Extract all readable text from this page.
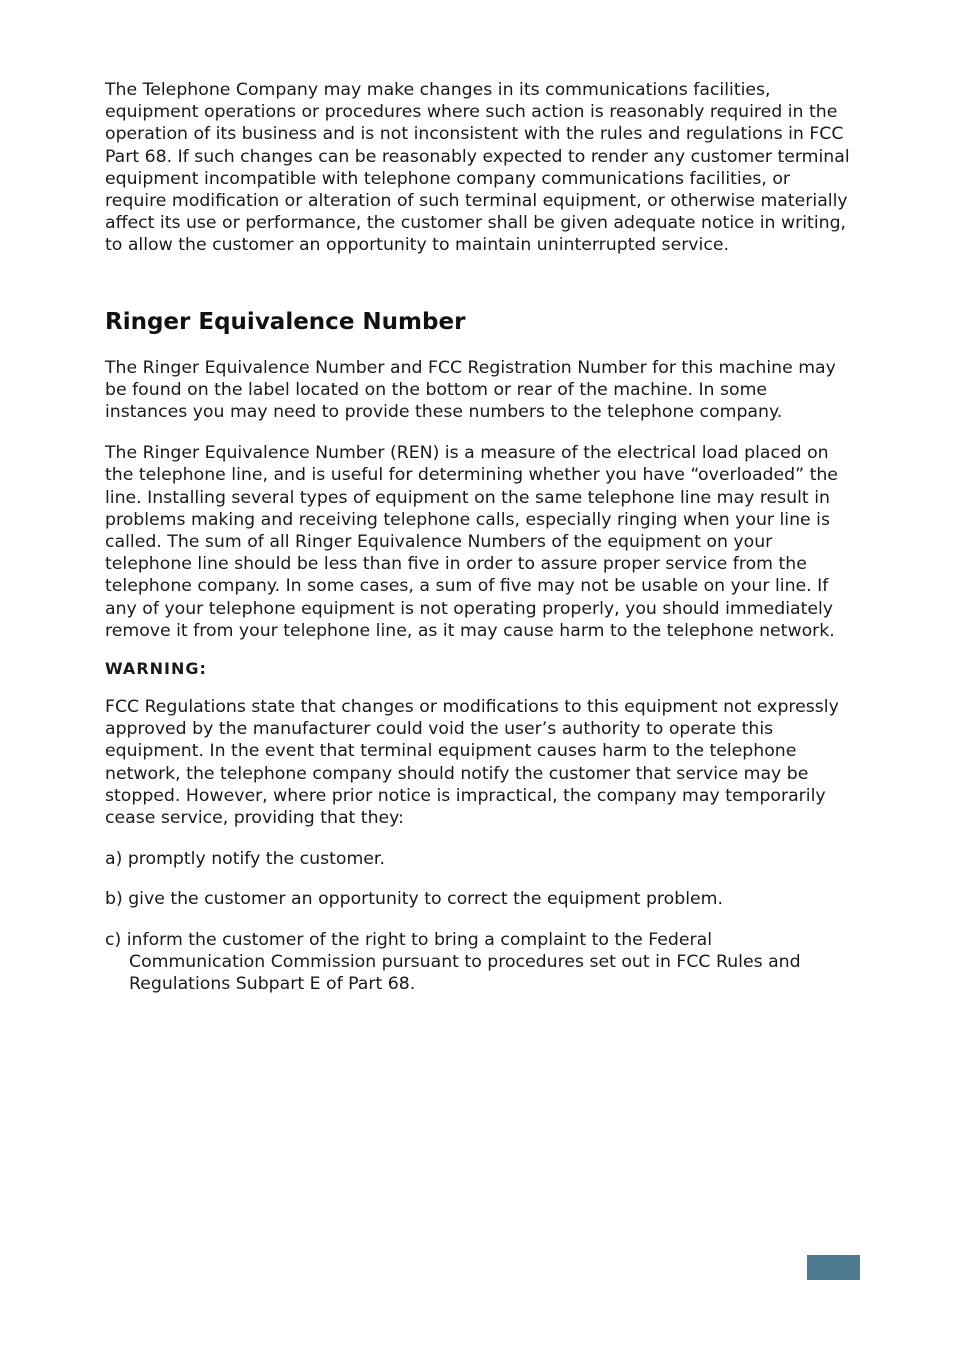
The Telephone Company may make changes in its communications facilities, equipment operations or procedures where such action is reasonably required in the operation of its business and is not inconsistent with the rules and regulations in FCC Part 68. If such changes can be reasonably expected to render any customer terminal equipment incompatible with telephone company communications facilities, or require modification or alteration of such terminal equipment, or otherwise materially affect its use or performance, the customer shall be given adequate notice in writing, to allow the customer an opportunity to maintain uninterrupted service.

Ringer Equivalence Number

The Ringer Equivalence Number and FCC Registration Number for this machine may be found on the label located on the bottom or rear of the machine. In some instances you may need to provide these numbers to the telephone company.

The Ringer Equivalence Number (REN) is a measure of the electrical load placed on the telephone line, and is useful for determining whether you have “overloaded” the line. Installing several types of equipment on the same telephone line may result in problems making and receiving telephone calls, especially ringing when your line is called. The sum of all Ringer Equivalence Numbers of the equipment on your telephone line should be less than five in order to assure proper service from the telephone company. In some cases, a sum of five may not be usable on your line. If any of your telephone equipment is not operating properly, you should immediately remove it from your telephone line, as it may cause harm to the telephone network.

WARNING:

FCC Regulations state that changes or modifications to this equipment not expressly approved by the manufacturer could void the user’s authority to operate this equipment. In the event that terminal equipment causes harm to the telephone network, the telephone company should notify the customer that service may be stopped. However, where prior notice is impractical, the company may temporarily cease service, providing that they:

a) promptly notify the customer.

b) give the customer an opportunity to correct the equipment problem.

c) inform the customer of the right to bring a complaint to the Federal Communication Commission pursuant to procedures set out in FCC Rules and Regulations Subpart E of Part 68.
